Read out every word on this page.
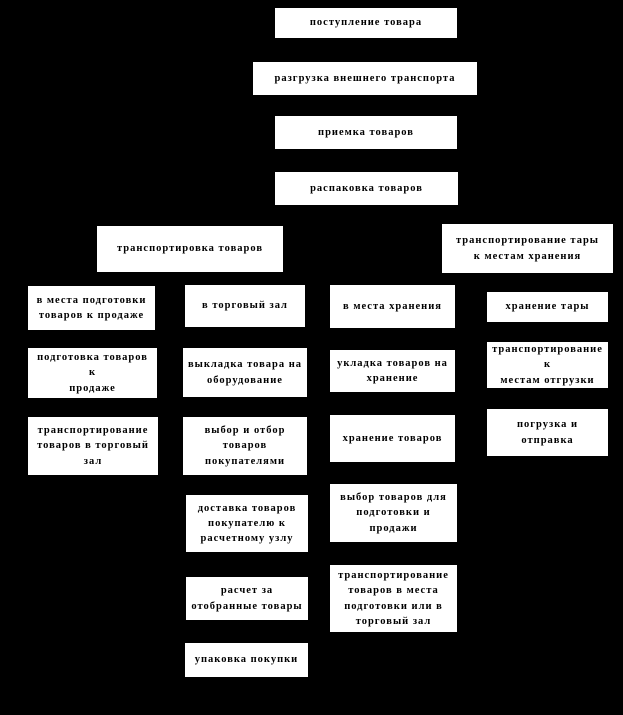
поступление товара
разгрузка внешнего транспорта
приемка товаров
распаковка товаров
транспортировка товаров
транспортирование тары
к местам хранения
в места подготовки
товаров к продаже
подготовка товаров
к
продаже
транспортирование
товаров в торговый
зал
в торговый зал
выкладка товара на
оборудование
выбор и отбор
товаров
покупателями
доставка товаров
покупателю к
расчетному узлу
расчет за
отобранные товары
упаковка покупки
в места хранения
укладка товаров на
хранение
хранение товаров
выбор товаров для
подготовки и
продажи
транспортирование
товаров в места
подготовки или в
торговый зал
хранение тары
транспортирование
к
местам отгрузки
погрузка и
отправка
